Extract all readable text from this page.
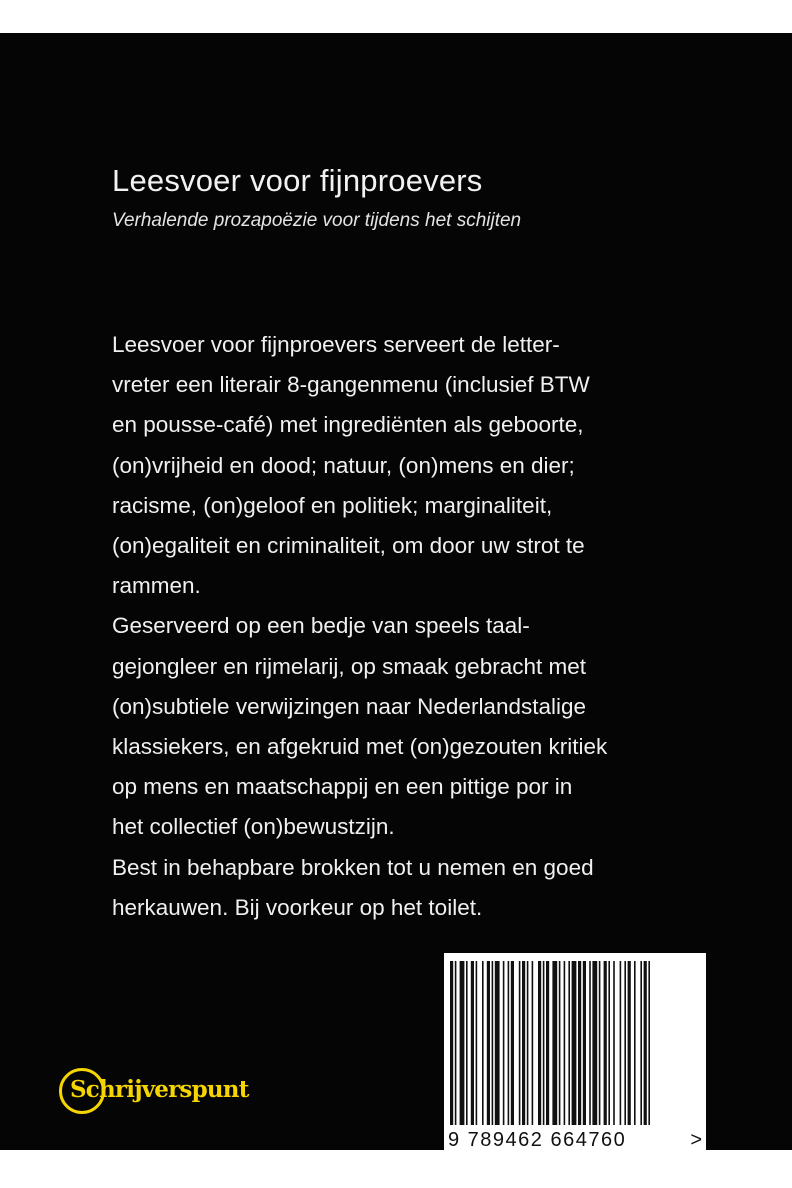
Leesvoer voor fijnproevers
Verhalende prozapoëzie voor tijdens het schijten
Leesvoer voor fijnproevers serveert de letter-
vreter een literair 8-gangenmenu (inclusief BTW
en pousse-café) met ingrediënten als geboorte,
(on)vrijheid en dood; natuur, (on)mens en dier;
racisme, (on)geloof en politiek; marginaliteit,
(on)egaliteit en criminaliteit, om door uw strot te
rammen.
Geserveerd op een bedje van speels taal-
gejongleer en rijmelarij, op smaak gebracht met
(on)subtiele verwijzingen naar Nederlandstalige
klassiekers, en afgekruid met (on)gezouten kritiek
op mens en maatschappij en een pittige por in
het collectief (on)bewustzijn.
Best in behapbare brokken tot u nemen en goed
herkauwen. Bij voorkeur op het toilet.
Schrijverspunt
9 789462 664760	>
